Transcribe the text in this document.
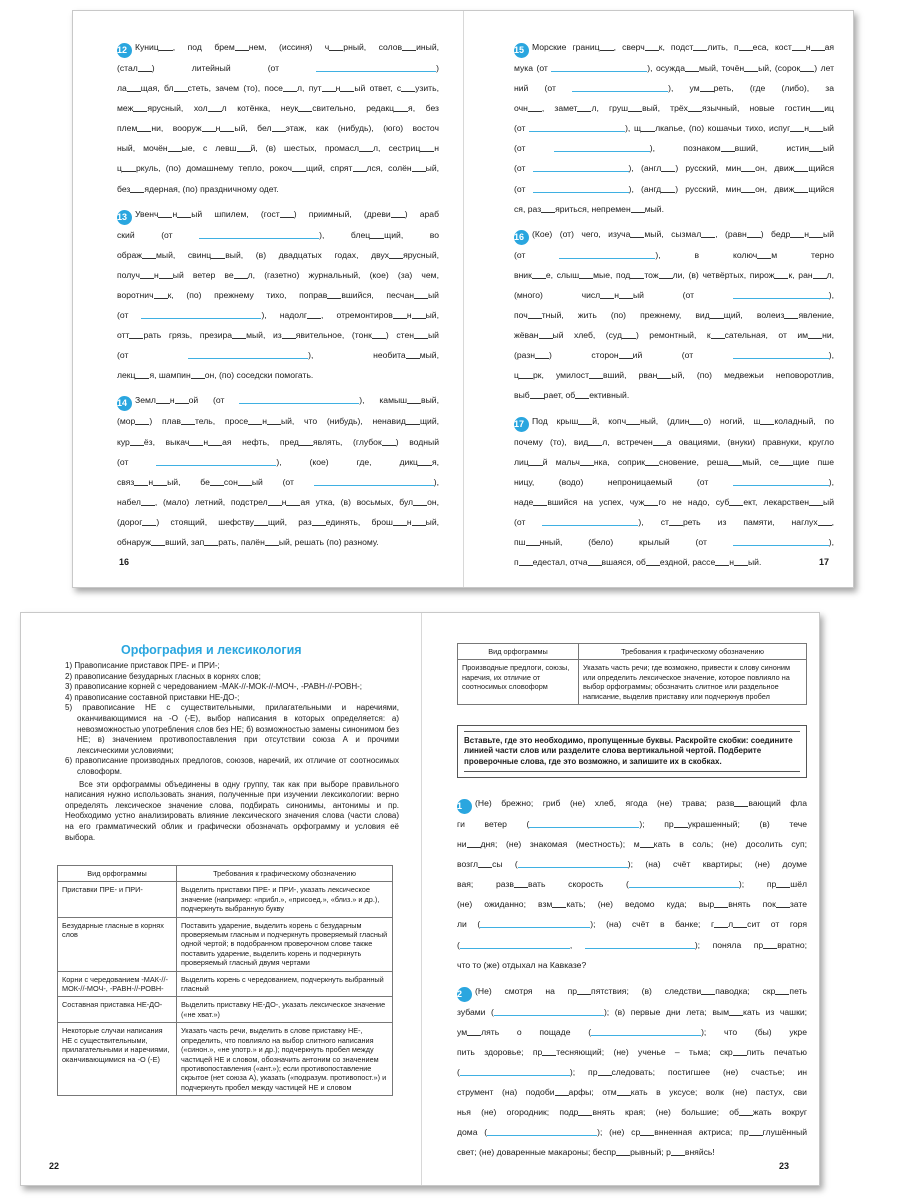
12 Куниц , под брем нем, (иссиня) ч рный, солов иный,
(стал ) литейный (от	)
ла щая, бл стеть, зачем (то), посе л, пут н ый ответ, с узить,
меж ярусный, хол л котёнка, неук свительно, редакц я, без
плем ни, вооруж н ый, бел этаж, как (нибудь), (юго) восточ
ный, мочён ые, с левш й, (в) шестых, промасл л, сестриц н
ц ркуль, (по) домашнему тепло, рокоч щий, спрят лся, солён ый,
без ядерная, (по) праздничному одет.
13 Увенч н ый шпилем, (гост ) приимный, (древи ) араб
ский (от	), блец щий, во
ображ мый, свинц вый, (в) двадцатых годах, двух ярусный,
получ н ый ветер ве л, (газетно) журнальный, (кое) (за) чем,
воротнич к, (по) прежнему тихо, поправ вшийся, песчан ый
(от	), надолг , отремонтиров н ый,
отт рать грязь, презира мый, из явительное, (тонк ) стен ый
(от	), необита мый,
лекц я, шампин он, (по) соседски помогать.
14 Земл н ой (от	), камыш вый,
(мор ) плав тель, просе н ый, что (нибудь), ненавид щий,
кур ёз, выкач н ая нефть, пред являть, (глубок ) водный
(от	), (кое) где, дикц я,
связ н ый, бе сон ый (от	),
набел , (мало) летний, подстрел н ая утка, (в) восьмых, бул он,
(дорог ) стоящий, шефству щий, раз единять, брош н ый,
обнаруж вший, зап рать, палён ый, решать (по) разному.
16
15 Морские границ , сверч к, подст лить, п еса, кост н ая
мука (от	), осужда мый, точён ый, (сорок ) лет
ний (от	), ум реть, (где (либо), за
очн , замет л, груш вый, трёх язычный, новые гостин иц
(от	), щ лкаnье, (по) кошачьи тихо, испуг н ый
(от	), познаком вший, истин ый
(от	), (англ ) русский, мин он, движ щийся
(от	), (ангд ) русский, мин он, движ щийся
ся, раз яриться, непремен мый.
16 (Кое) (от) чего, изуча мый, сызмал , (равн ) бедр н ый
(от	), в колюч м терно
вник е, слыш мые, под тож ли, (в) четвёртых, пирож к, ран л,
(много) числ н ый (от	),
поч тный, жить (по) прежнему, вид щий, волеиз явление,
жёван ый хлеб, (суд ) ремонтный, к сательная, от им ни,
(разн ) сторон ий (от	),
ц рк, умилост вший, рван ый, (по) медвежьи неповоротлив,
выб рает, об ективный.
17 Под крыш й, копч ный, (длин о) ногий, ш коладный, по
почему (то), вид л, встречен а овациями, (внуки) правнуки, кругло
лиц й мальч нка, соприк сновение, реша мый, се щие пше
ницу, (водо) непроницаемый (от	),
наде вшийся на успех, чуж го не надо, суб ект, лекарствен ый
(от	), ст реть из памяти, наглух ,
пш нный, (бело) крылый (от	),
п едестал, отча вшаяся, об ездной, рассе н ый.	17
Орфография и лексикология

1) Правописание приставок ПРЕ- и ПРИ-;

2) правописание безударных гласных в корнях слов;

3) правописание корней с чередованием -МАК-//-МОК-//-МОЧ-, -РАВН-//-РОВН-;

4) правописание составной приставки НЕ-ДО-;

5) правописание НЕ с существительными, прилагательными и наречиями, оканчивающимися на -О (-Е), выбор написания в которых определяется: а) невозможностью употребления слов без НЕ; б) возможностью замены синонимом без НЕ; в) значением противопоставления при отсутствии союза А и прочими лексическими условиями;

6) правописание производных предлогов, союзов, наречий, их отличие от соотносимых словоформ.

Все эти орфограммы объединены в одну группу, так как при выборе правильного написания нужно использовать знания, полученные при изучении лексикологии: верно определять лексическое значение слова, подбирать синонимы, антонимы и пр. Необходимо устно анализировать влияние лексического значения слова (части слова) на его грамматический облик и графически обозначать орфограмму и условия её выбора.

Вид орфограммы	Требования к графическому обозначению
Приставки ПРЕ- и ПРИ-	Выделить приставки ПРЕ- и ПРИ-, указать лексическое значение (например: «прибл.», «присоед.», «близ.» и др.), подчеркнуть выбранную букву
Безударные гласные в корнях слов	Поставить ударение, выделить корень с безударным проверяемым гласным и подчеркнуть проверяемый гласный одной чертой; в подобранном проверочном слове также поставить ударение, выделить корень и подчеркнуть проверяемый гласный двумя чертами
Корни с чередованием -МАК-//-МОК-//-МОЧ-, -РАВН-//-РОВН-	Выделить корень с чередованием, подчеркнуть выбранный гласный
Составная приставка НЕ-ДО-	Выделить приставку НЕ-ДО-, указать лексическое значение («не хват.»)
Некоторые случаи написания НЕ с существительными, прилагательными и наречиями, оканчивающимися на -О (-Е)	Указать часть речи, выделить в слове приставку НЕ-, определить, что повлияло на выбор слитного написания («синон.», «не употр.» и др.); подчеркнуть пробел между частицей НЕ и словом, обозначить антоним со значением противопоставления («ант.»); если противопоставление скрытое (нет союза А), указать («подразум. противопост.») и подчеркнуть пробел между частицей НЕ и словом
22
Вид орфограммы	Требования к графическому обозначению
Производные предлоги, союзы, наречия, их отличие от соотносимых словоформ	Указать часть речи; где возможно, привести к слову синоним или определить лексическое значение, которое повлияло на выбор орфограммы; обозначить слитное или раздельное написание, выделив приставку или подчеркнув пробел
Вставьте, где это необходимо, пропущенные буквы. Раскройте скобки: соедините линией части слов или разделите слова вертикальной чертой. Подберите проверочные слова, где это возможно, и запишите их в скобках.
1 (Не) брежно; гриб (не) хлеб, ягода (не) трава; разв вающий фла
ги ветер (	); пр украшенный; (в) тече
ни дня; (не) знакомая (местность); м кать в соль; (не) досолить суп;
возгл сы (	); (на) счёт квартиры; (не) доуме
вая; разв вать скорость (	); пр шёл
(не) ожиданно; взм кать; (не) ведомо куда; выр внять пок зате
ли (	); (на) счёт в банке; г л сит от горя
(	,	); поняла пр вратно;
что то (же) отдыхал на Кавказе?
2 (Не) смотря на пр пятствия; (в) следстви паводка; скр петь
зубами (	); (в) первые дни лета; вым кать из чашки;
ум лять о пощаде (	); что (бы) укре
пить здоровье; пр тесняющий; (не) ученье – тьма; скр пить печатью
(	); пр следовать; постигшее (не) счастье; ин
струмент (на) подоби арфы; отм кать в уксусе; волк (не) пастух, сви
нья (не) огородник; подр внять края; (не) большие; об жать вокруг
дома (	); (не) ср внненная актриса; пр глушённый
свет; (не) доваренные макароны; беспр рывный; р вняйсь!
23
